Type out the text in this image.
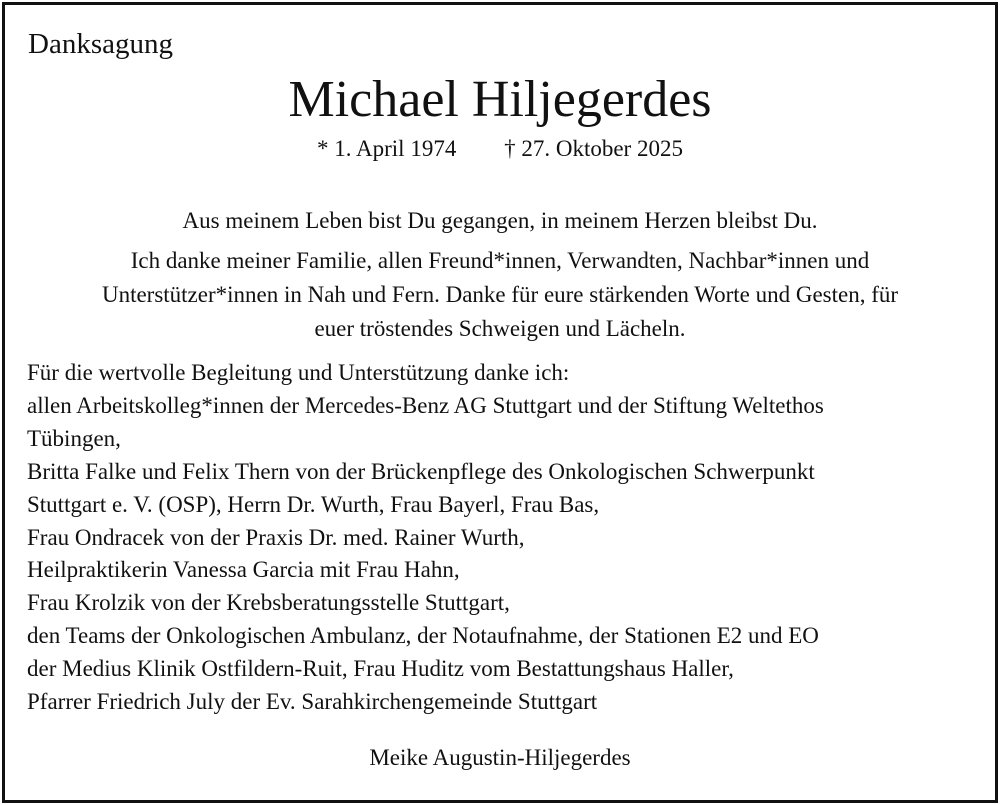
Danksagung

Michael Hiljegerdes
* 1. April 1974 † 27. Oktober 2025
Aus meinem Leben bist Du gegangen, in meinem Herzen bleibst Du.
Ich danke meiner Familie, allen Freund*innen, Verwandten, Nachbar*innen und
Unterstützer*innen in Nah und Fern. Danke für eure stärkenden Worte und Gesten, für
euer tröstendes Schweigen und Lächeln.
Für die wertvolle Begleitung und Unterstützung danke ich:
allen Arbeitskolleg*innen der Mercedes-Benz AG Stuttgart und der Stiftung Weltethos
Tübingen,
Britta Falke und Felix Thern von der Brückenpflege des Onkologischen Schwerpunkt
Stuttgart e. V. (OSP), Herrn Dr. Wurth, Frau Bayerl, Frau Bas,
Frau Ondracek von der Praxis Dr. med. Rainer Wurth,
Heilpraktikerin Vanessa Garcia mit Frau Hahn,
Frau Krolzik von der Krebsberatungsstelle Stuttgart,
den Teams der Onkologischen Ambulanz, der Notaufnahme, der Stationen E2 und EO
der Medius Klinik Ostfildern-Ruit, Frau Huditz vom Bestattungshaus Haller,
Pfarrer Friedrich July der Ev. Sarahkirchengemeinde Stuttgart
Meike Augustin-Hiljegerdes
